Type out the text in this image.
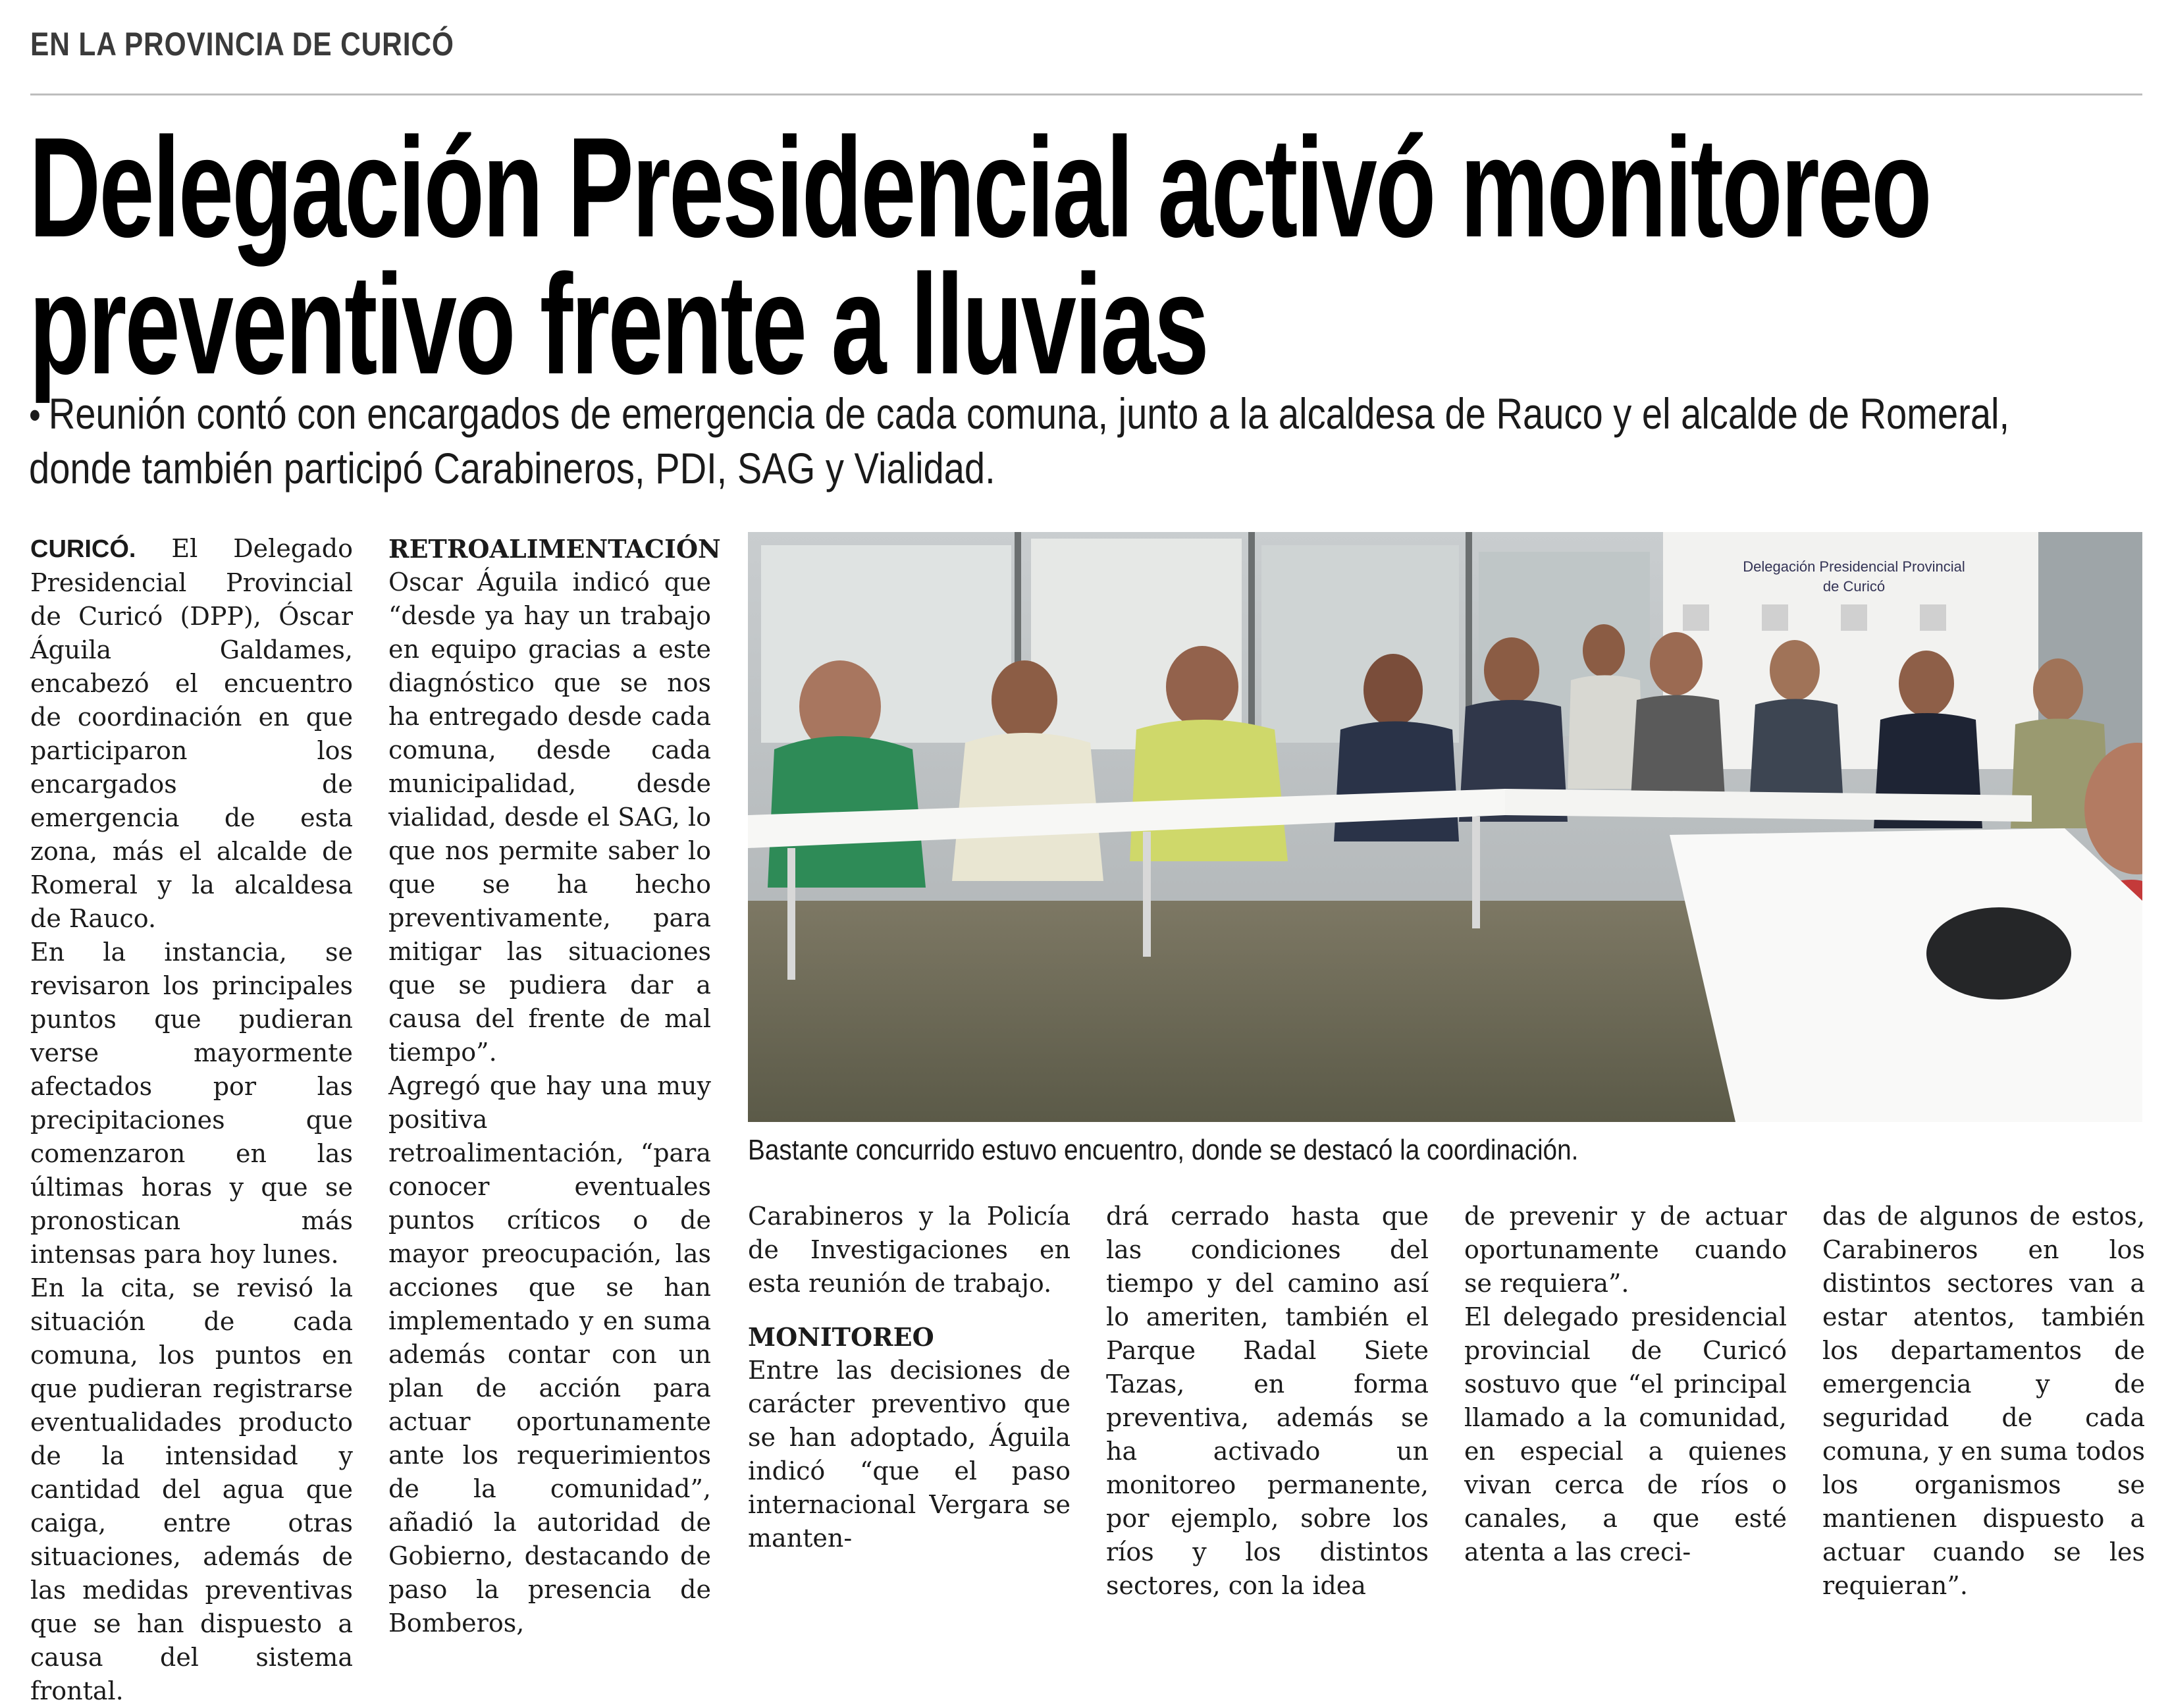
EN LA PROVINCIA DE CURICÓ
Delegación Presidencial activó monitoreo
preventivo frente a lluvias
• Reunión contó con encargados de emergencia de cada comuna, junto a la alcaldesa de Rauco y el alcalde de Romeral, donde también participó Carabineros, PDI, SAG y Vialidad.

CURICÓ. El Delegado Presidencial Provincial de Curicó (DPP), Óscar Águila Galdames, encabezó el encuentro de coordinación en que participaron los encargados de emergencia de esta zona, más el alcalde de Romeral y la alcaldesa de Rauco.

En la instancia, se revisaron los principales puntos que pudieran verse mayormente afectados por las precipitaciones que comenzaron en las últimas horas y que se pronostican más intensas para hoy lunes.

En la cita, se revisó la situación de cada comuna, los puntos en que pudieran registrarse eventualidades producto de la intensidad y cantidad del agua que caiga, entre otras situaciones, además de las medidas preventivas que se han dispuesto a causa del sistema frontal.

RETROALIMENTACIÓN

Oscar Águila indicó que “desde ya hay un trabajo en equipo gracias a este diagnóstico que se nos ha entregado desde cada comuna, desde cada municipalidad, desde vialidad, desde el SAG, lo que nos permite saber lo que se ha hecho preventivamente, para mitigar las situaciones que se pudiera dar a causa del frente de mal tiempo”.

Agregó que hay una muy positiva retroalimentación, “para conocer eventuales puntos críticos o de mayor preocupación, las acciones que se han implementado y en suma además contar con un plan de acción para actuar oportunamente ante los requerimientos de la comunidad”, añadió la autoridad de Gobierno, destacando de paso la presencia de Bomberos,

Delegación Presidencial Provincial
de Curicó
Bastante concurrido estuvo encuentro, donde se destacó la coordinación.

Carabineros y la Policía de Investigaciones en esta reunión de trabajo.

MONITOREO

Entre las decisiones de carácter preventivo que se han adoptado, Águila indicó “que el paso internacional Vergara se manten-

drá cerrado hasta que las condiciones del tiempo y del camino así lo ameriten, también el Parque Radal Siete Tazas, en forma preventiva, además se ha activado un monitoreo permanente, por ejemplo, sobre los ríos y los distintos sectores, con la idea

de prevenir y de actuar oportunamente cuando se requiera”.

El delegado presidencial provincial de Curicó sostuvo que “el principal llamado a la comunidad, en especial a quienes vivan cerca de ríos o canales, a que esté atenta a las creci-

das de algunos de estos, Carabineros en los distintos sectores van a estar atentos, también los departamentos de emergencia y de seguridad de cada comuna, y en suma todos los organismos se mantienen dispuesto a actuar cuando se les requieran”.
